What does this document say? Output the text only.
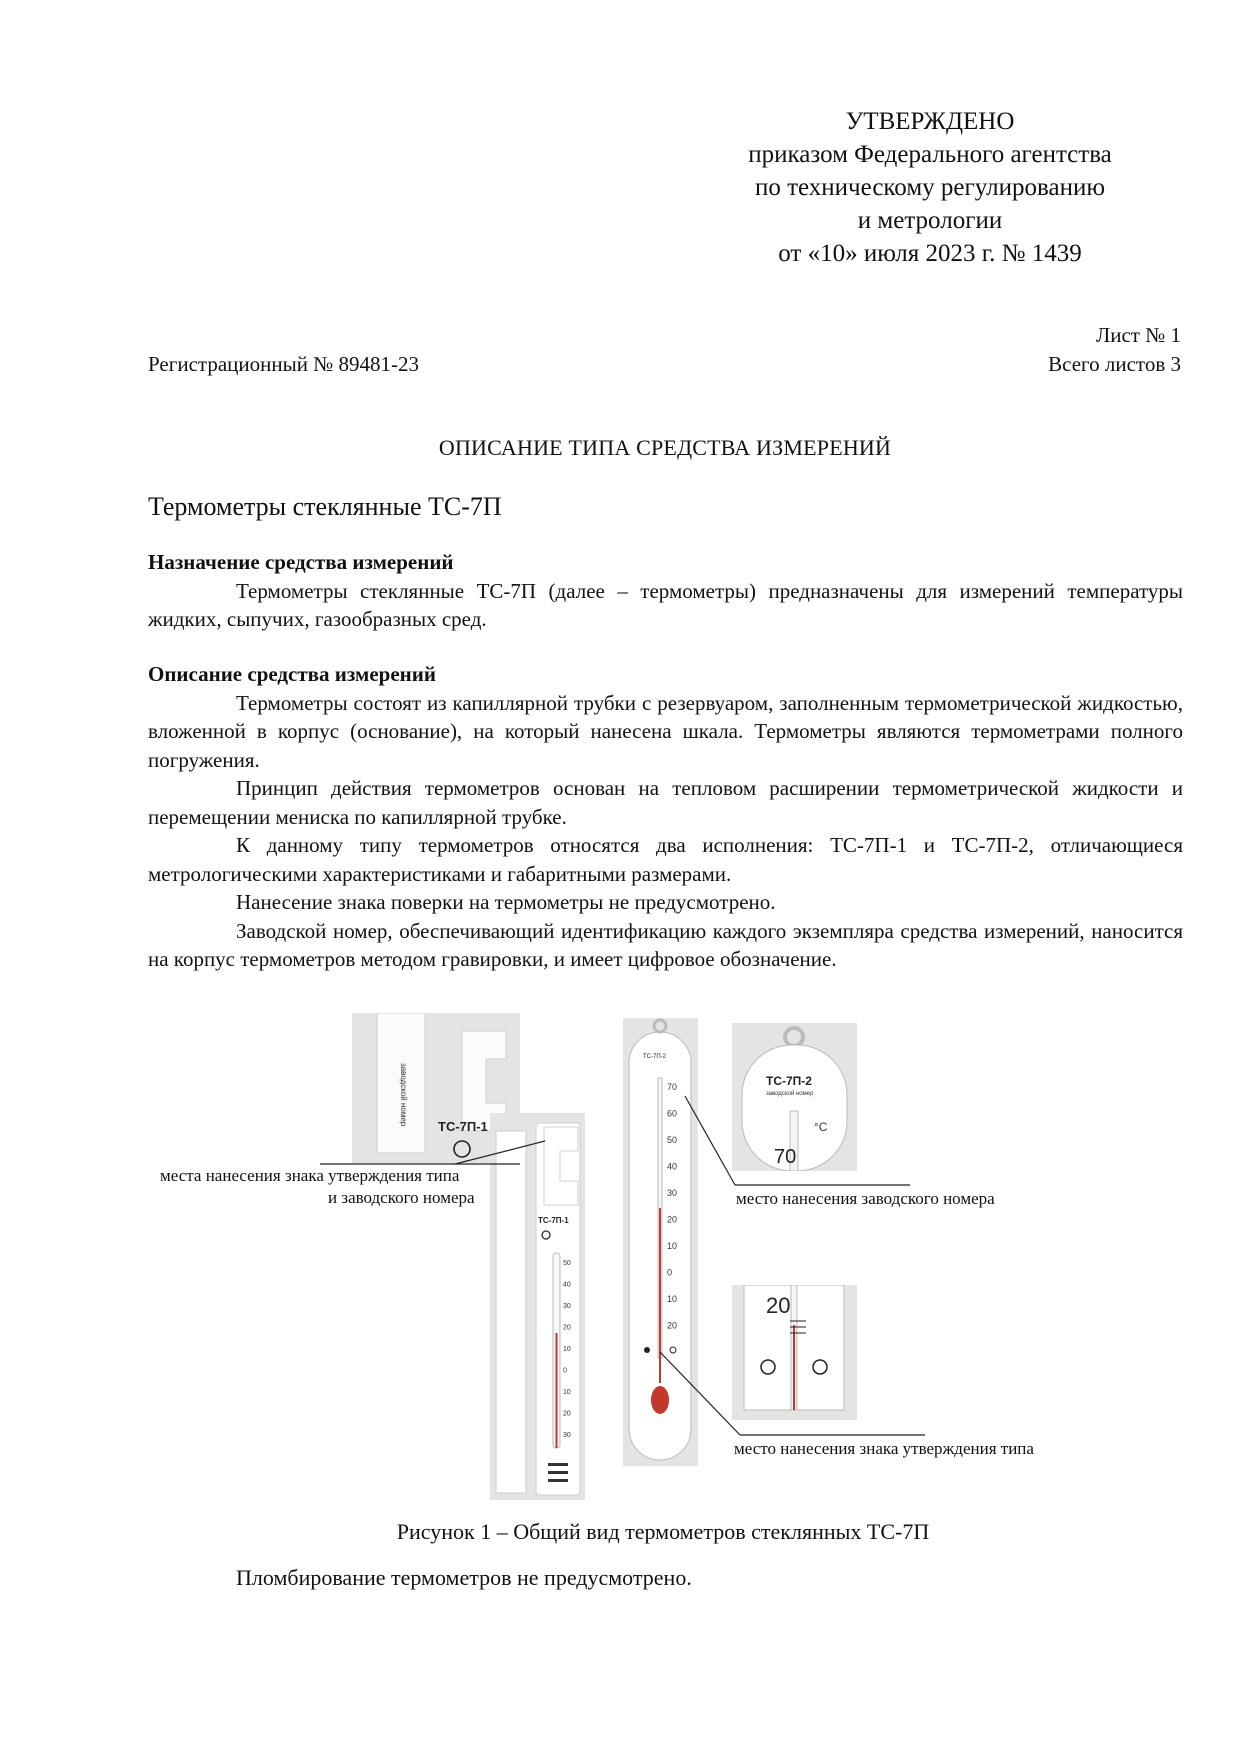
УТВЕРЖДЕНО
приказом Федерального агентства
по техническому регулированию
и метрологии
от «10» июля 2023 г. № 1439
Лист № 1
Регистрационный № 89481-23	Всего листов 3
ОПИСАНИЕ ТИПА СРЕДСТВА ИЗМЕРЕНИЙ
Термометры стеклянные ТС-7П
Назначение средства измерений

Термометры стеклянные ТС-7П (далее – термометры) предназначены для измерений температуры жидких, сыпучих, газообразных сред.

Описание средства измерений

Термометры состоят из капиллярной трубки с резервуаром, заполненным термометрической жидкостью, вложенной в корпус (основание), на который нанесена шкала. Термометры являются термометрами полного погружения.

Принцип действия термометров основан на тепловом расширении термометрической жидкости и перемещении мениска по капиллярной трубке.

К данному типу термометров относятся два исполнения: ТС-7П-1 и ТС-7П-2, отличающиеся метрологическими характеристиками и габаритными размерами.

Нанесение знака поверки на термометры не предусмотрено.

Заводской номер, обеспечивающий идентификацию каждого экземпляра средства измерений, наносится на корпус термометров методом гравировки, и имеет цифровое обозначение.

заводской номер
ТС-7П-1
ТС-7П-1
50
40
30
20
10
0
10
20
30
ТС-7П-2
70
60
50
40
30
20
10
0
10
20
ТС-7П-2
заводской номер
°C
70
20
места нанесения знака утверждения типа
и заводского номера	место нанесения заводского номера
место нанесения знака утверждения типа
Рисунок 1 – Общий вид термометров стеклянных ТС-7П
Пломбирование термометров не предусмотрено.
